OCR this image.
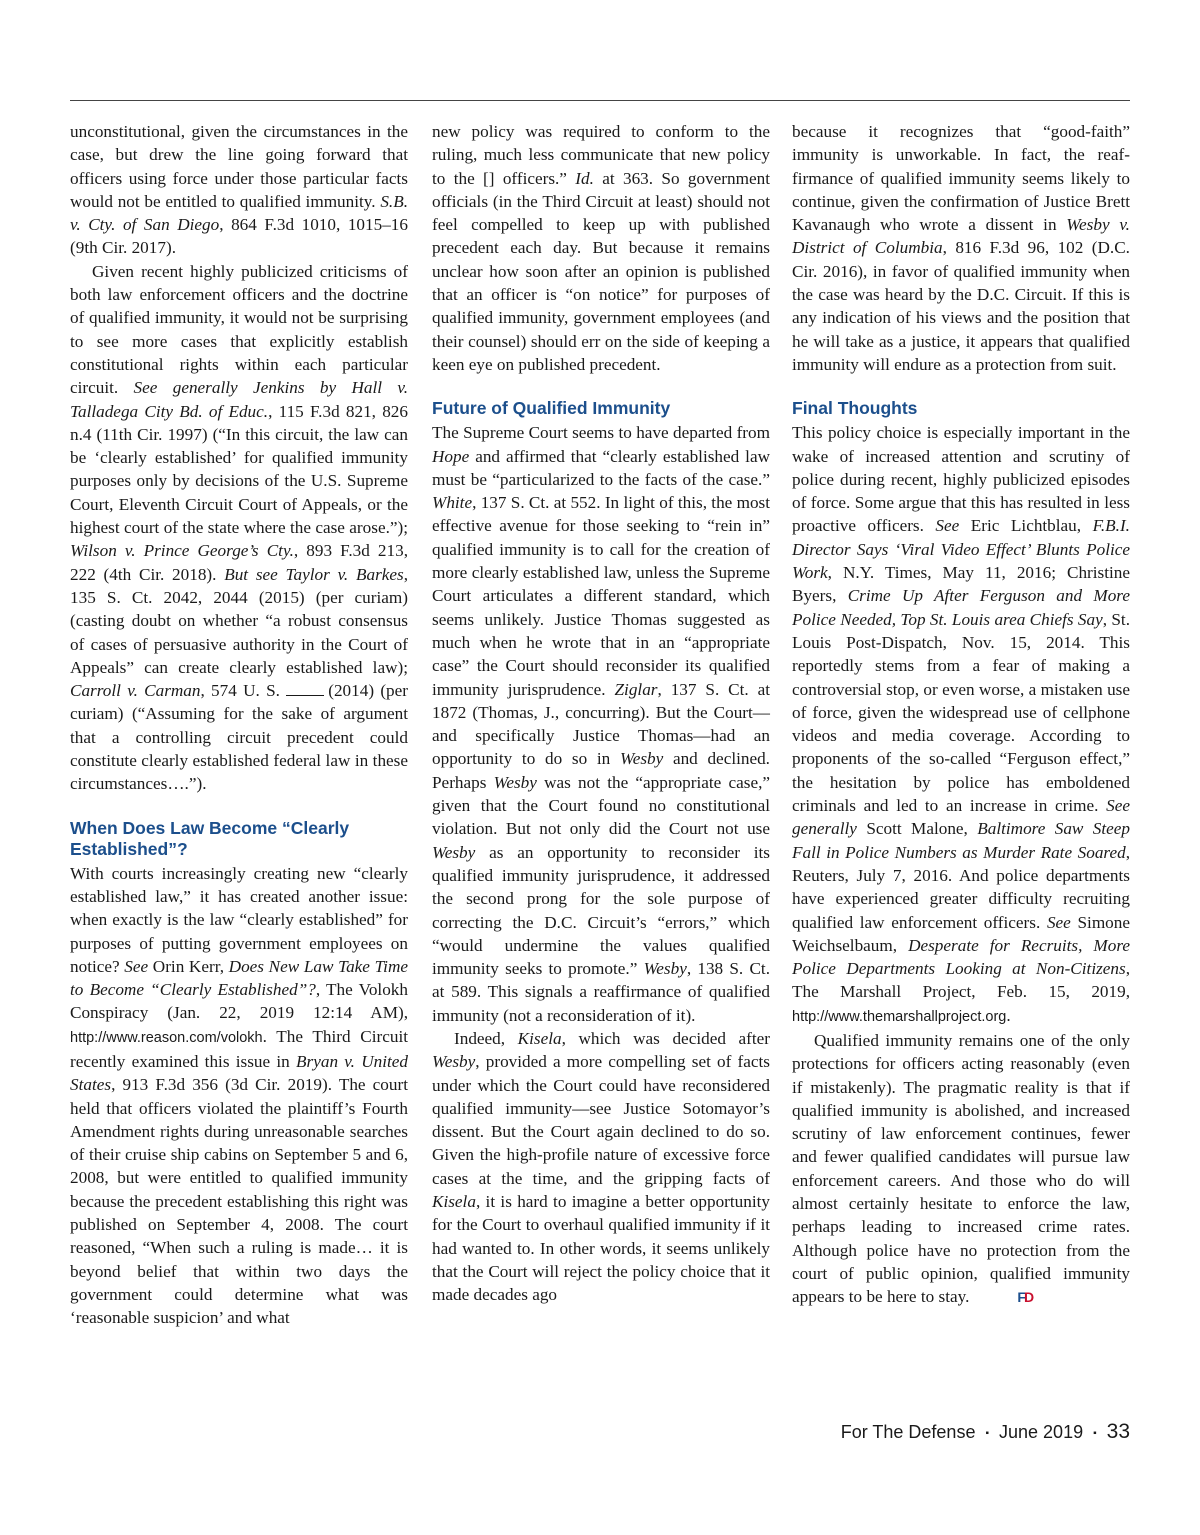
unconstitutional, given the circumstances in the case, but drew the line going forward that officers using force under those particular facts would not be entitled to qualified immunity. S.B. v. Cty. of San Diego, 864 F.3d 1010, 1015–16 (9th Cir. 2017).

Given recent highly publicized criticisms of both law enforcement officers and the doctrine of qualified immunity, it would not be surprising to see more cases that explicitly establish constitutional rights within each particular circuit. See generally Jenkins by Hall v. Talladega City Bd. of Educ., 115 F.3d 821, 826 n.4 (11th Cir. 1997) (“In this circuit, the law can be ‘clearly established’ for qualified immunity purposes only by decisions of the U.S. Supreme Court, Eleventh Circuit Court of Appeals, or the highest court of the state where the case arose.”); Wilson v. Prince George’s Cty., 893 F.3d 213, 222 (4th Cir. 2018). But see Taylor v. Barkes, 135 S. Ct. 2042, 2044 (2015) (per curiam) (casting doubt on whether “a robust consensus of cases of persuasive authority in the Court of Appeals” can create clearly established law); Carroll v. Carman, 574 U. S. (2014) (per curiam) (“Assuming for the sake of argument that a controlling circuit precedent could constitute clearly established federal law in these circumstances….”).

When Does Law Become “Clearly Established”?

With courts increasingly creating new “clearly established law,” it has created another issue: when exactly is the law “clearly established” for purposes of putting government employees on notice? See Orin Kerr, Does New Law Take Time to Become “Clearly Established”?, The Volokh Conspiracy (Jan. 22, 2019 12:14 AM), http://www.reason.com/volokh. The Third Circuit recently examined this issue in Bryan v. United States, 913 F.3d 356 (3d Cir. 2019). The court held that officers violated the plaintiff’s Fourth Amendment rights during unreasonable searches of their cruise ship cabins on September 5 and 6, 2008, but were entitled to qualified immunity because the precedent establishing this right was published on September 4, 2008. The court reasoned, “When such a ruling is made… it is beyond belief that within two days the government could determine what was ‘reasonable suspicion’ and what

new policy was required to conform to the ruling, much less communicate that new policy to the [] officers.” Id. at 363. So government officials (in the Third Circuit at least) should not feel compelled to keep up with published precedent each day. But because it remains unclear how soon after an opinion is published that an officer is “on notice” for purposes of qualified immunity, government employees (and their counsel) should err on the side of keeping a keen eye on published precedent.

Future of Qualified Immunity

The Supreme Court seems to have departed from Hope and affirmed that “clearly established law must be “particularized to the facts of the case.” White, 137 S. Ct. at 552. In light of this, the most effective avenue for those seeking to “rein in” qualified immunity is to call for the creation of more clearly established law, unless the Supreme Court articulates a different standard, which seems unlikely. Justice Thomas suggested as much when he wrote that in an “appropriate case” the Court should reconsider its qualified immunity jurisprudence. Ziglar, 137 S. Ct. at 1872 (Thomas, J., concurring). But the Court—and specifically Justice Thomas—had an opportunity to do so in Wesby and declined. Perhaps Wesby was not the “appropriate case,” given that the Court found no constitutional violation. But not only did the Court not use Wesby as an opportunity to reconsider its qualified immunity jurisprudence, it addressed the second prong for the sole purpose of correcting the D.C. Circuit’s “errors,” which “would undermine the values qualified immunity seeks to promote.” Wesby, 138 S. Ct. at 589. This signals a reaffirmance of qualified immunity (not a reconsideration of it).

Indeed, Kisela, which was decided after Wesby, provided a more compelling set of facts under which the Court could have reconsidered qualified immunity—see Justice Sotomayor’s dissent. But the Court again declined to do so. Given the high-profile nature of excessive force cases at the time, and the gripping facts of Kisela, it is hard to imagine a better opportunity for the Court to overhaul qualified immunity if it had wanted to. In other words, it seems unlikely that the Court will reject the policy choice that it made decades ago

because it recognizes that “good-faith” immunity is unworkable. In fact, the reaffirmance of qualified immunity seems likely to continue, given the confirmation of Justice Brett Kavanaugh who wrote a dissent in Wesby v. District of Columbia, 816 F.3d 96, 102 (D.C. Cir. 2016), in favor of qualified immunity when the case was heard by the D.C. Circuit. If this is any indication of his views and the position that he will take as a justice, it appears that qualified immunity will endure as a protection from suit.

Final Thoughts

This policy choice is especially important in the wake of increased attention and scrutiny of police during recent, highly publicized episodes of force. Some argue that this has resulted in less proactive officers. See Eric Lichtblau, F.B.I. Director Says ‘Viral Video Effect’ Blunts Police Work, N.Y. Times, May 11, 2016; Christine Byers, Crime Up After Ferguson and More Police Needed, Top St. Louis area Chiefs Say, St. Louis Post-Dispatch, Nov. 15, 2014. This reportedly stems from a fear of making a controversial stop, or even worse, a mistaken use of force, given the widespread use of cellphone videos and media coverage. According to proponents of the so-called “Ferguson effect,” the hesitation by police has emboldened criminals and led to an increase in crime. See generally Scott Malone, Baltimore Saw Steep Fall in Police Numbers as Murder Rate Soared, Reuters, July 7, 2016. And police departments have experienced greater difficulty recruiting qualified law enforcement officers. See Simone Weichselbaum, Desperate for Recruits, More Police Departments Looking at Non-Citizens, The Marshall Project, Feb. 15, 2019, http://www.themarshallproject.org.

Qualified immunity remains one of the only protections for officers acting reasonably (even if mistakenly). The pragmatic reality is that if qualified immunity is abolished, and increased scrutiny of law enforcement continues, fewer and fewer qualified candidates will pursue law enforcement careers. And those who do will almost certainly hesitate to enforce the law, perhaps leading to increased crime rates. Although police have no protection from the court of public opinion, qualified immunity appears to be here to stay.	FD

For The Defense ▪ June 2019 ▪ 33
